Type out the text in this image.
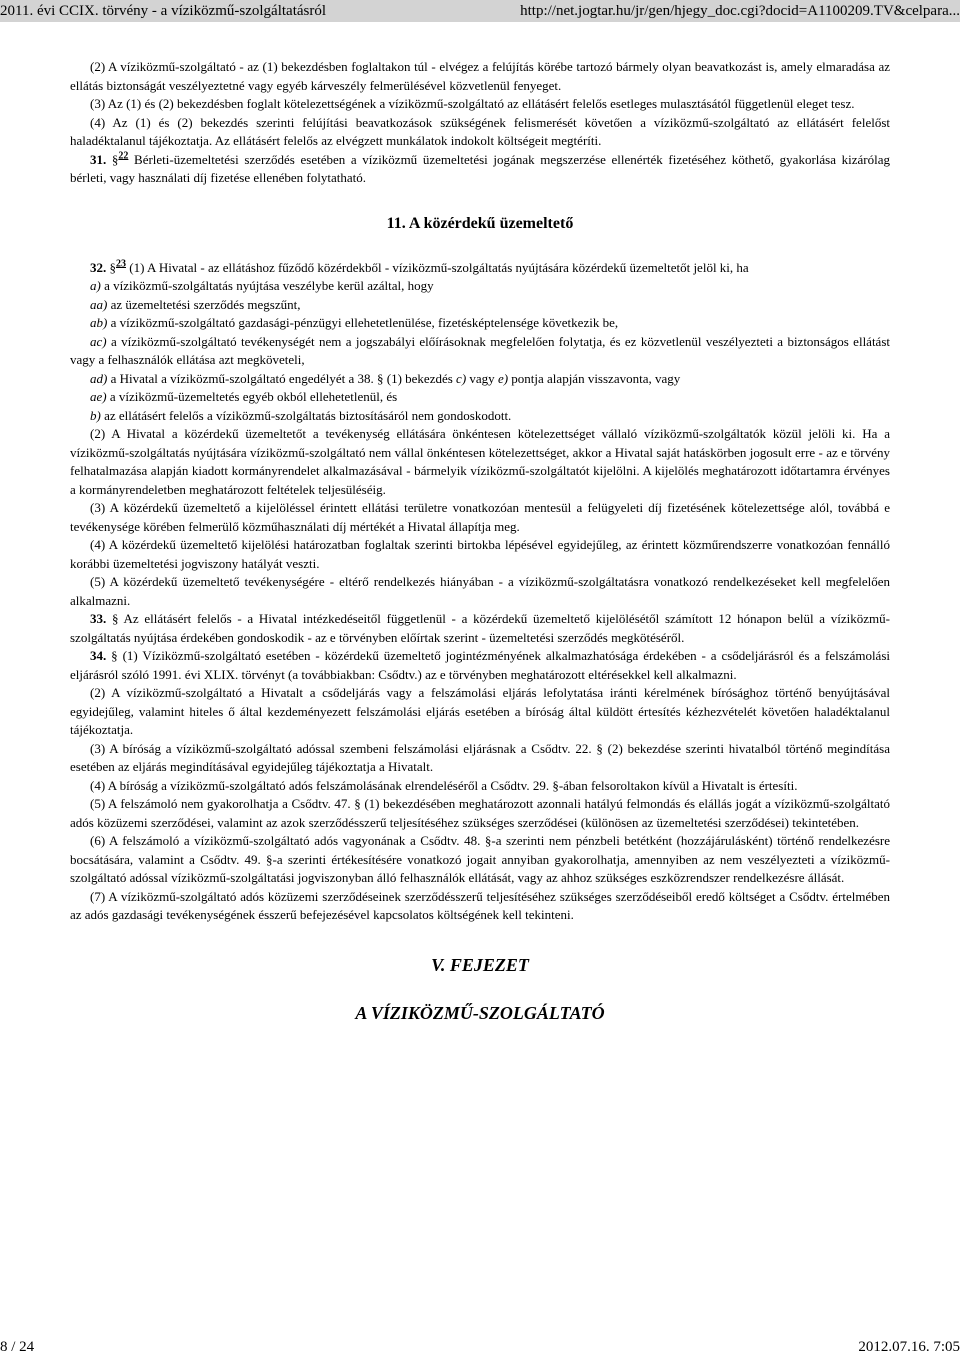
2011. évi CCIX. törvény - a víziközmű-szolgáltatásról	http://net.jogtar.hu/jr/gen/hjegy_doc.cgi?docid=A1100209.TV&celpara...

(2) A víziközmű-szolgáltató - az (1) bekezdésben foglaltakon túl - elvégez a felújítás körébe tartozó bármely olyan beavatkozást is, amely elmaradása az ellátás biztonságát veszélyeztetné vagy egyéb kárveszély felmerülésével közvetlenül fenyeget.

(3) Az (1) és (2) bekezdésben foglalt kötelezettségének a víziközmű-szolgáltató az ellátásért felelős esetleges mulasztásától függetlenül eleget tesz.

(4) Az (1) és (2) bekezdés szerinti felújítási beavatkozások szükségének felismerését követően a víziközmű-szolgáltató az ellátásért felelőst haladéktalanul tájékoztatja. Az ellátásért felelős az elvégzett munkálatok indokolt költségeit megtéríti.

31. §$^{22}$ Bérleti-üzemeltetési szerződés esetében a víziközmű üzemeltetési jogának megszerzése ellenérték fizetéséhez köthető, gyakorlása kizárólag bérleti, vagy használati díj fizetése ellenében folytatható.

11. A közérdekű üzemeltető

32. §$^{23}$ (1) A Hivatal - az ellátáshoz fűződő közérdekből - víziközmű-szolgáltatás nyújtására közérdekű üzemeltetőt jelöl ki, ha

a) a víziközmű-szolgáltatás nyújtása veszélybe kerül azáltal, hogy

aa) az üzemeltetési szerződés megszűnt,

ab) a víziközmű-szolgáltató gazdasági-pénzügyi ellehetetlenülése, fizetésképtelensége következik be,

ac) a víziközmű-szolgáltató tevékenységét nem a jogszabályi előírásoknak megfelelően folytatja, és ez közvetlenül veszélyezteti a biztonságos ellátást vagy a felhasználók ellátása azt megköveteli,

ad) a Hivatal a víziközmű-szolgáltató engedélyét a 38. § (1) bekezdés c) vagy e) pontja alapján visszavonta, vagy

ae) a víziközmű-üzemeltetés egyéb okból ellehetetlenül, és

b) az ellátásért felelős a víziközmű-szolgáltatás biztosításáról nem gondoskodott.

(2) A Hivatal a közérdekű üzemeltetőt a tevékenység ellátására önkéntesen kötelezettséget vállaló víziközmű-szolgáltatók közül jelöli ki. Ha a víziközmű-szolgáltatás nyújtására víziközmű-szolgáltató nem vállal önkéntesen kötelezettséget, akkor a Hivatal saját hatáskörben jogosult erre - az e törvény felhatalmazása alapján kiadott kormányrendelet alkalmazásával - bármelyik víziközmű-szolgáltatót kijelölni. A kijelölés meghatározott időtartamra érvényes a kormányrendeletben meghatározott feltételek teljesüléséig.

(3) A közérdekű üzemeltető a kijelöléssel érintett ellátási területre vonatkozóan mentesül a felügyeleti díj fizetésének kötelezettsége alól, továbbá e tevékenysége körében felmerülő közműhasználati díj mértékét a Hivatal állapítja meg.

(4) A közérdekű üzemeltető kijelölési határozatban foglaltak szerinti birtokba lépésével egyidejűleg, az érintett közműrendszerre vonatkozóan fennálló korábbi üzemeltetési jogviszony hatályát veszti.

(5) A közérdekű üzemeltető tevékenységére - eltérő rendelkezés hiányában - a víziközmű-szolgáltatásra vonatkozó rendelkezéseket kell megfelelően alkalmazni.

33. § Az ellátásért felelős - a Hivatal intézkedéseitől függetlenül - a közérdekű üzemeltető kijelölésétől számított 12 hónapon belül a víziközmű-szolgáltatás nyújtása érdekében gondoskodik - az e törvényben előírtak szerint - üzemeltetési szerződés megkötéséről.

34. § (1) Víziközmű-szolgáltató esetében - közérdekű üzemeltető jogintézményének alkalmazhatósága érdekében - a csődeljárásról és a felszámolási eljárásról szóló 1991. évi XLIX. törvényt (a továbbiakban: Csődtv.) az e törvényben meghatározott eltérésekkel kell alkalmazni.

(2) A víziközmű-szolgáltató a Hivatalt a csődeljárás vagy a felszámolási eljárás lefolytatása iránti kérelmének bírósághoz történő benyújtásával egyidejűleg, valamint hiteles ő által kezdeményezett felszámolási eljárás esetében a bíróság által küldött értesítés kézhezvételét követően haladéktalanul tájékoztatja.

(3) A bíróság a víziközmű-szolgáltató adóssal szembeni felszámolási eljárásnak a Csődtv. 22. § (2) bekezdése szerinti hivatalból történő megindítása esetében az eljárás megindításával egyidejűleg tájékoztatja a Hivatalt.

(4) A bíróság a víziközmű-szolgáltató adós felszámolásának elrendeléséről a Csődtv. 29. §-ában felsoroltakon kívül a Hivatalt is értesíti.

(5) A felszámoló nem gyakorolhatja a Csődtv. 47. § (1) bekezdésében meghatározott azonnali hatályú felmondás és elállás jogát a víziközmű-szolgáltató adós közüzemi szerződései, valamint az azok szerződésszerű teljesítéséhez szükséges szerződései (különösen az üzemeltetési szerződései) tekintetében.

(6) A felszámoló a víziközmű-szolgáltató adós vagyonának a Csődtv. 48. §-a szerinti nem pénzbeli betétként (hozzájárulásként) történő rendelkezésre bocsátására, valamint a Csődtv. 49. §-a szerinti értékesítésére vonatkozó jogait annyiban gyakorolhatja, amennyiben az nem veszélyezteti a víziközmű-szolgáltató adóssal víziközmű-szolgáltatási jogviszonyban álló felhasználók ellátását, vagy az ahhoz szükséges eszközrendszer rendelkezésre állását.

(7) A víziközmű-szolgáltató adós közüzemi szerződéseinek szerződésszerű teljesítéséhez szükséges szerződéseiből eredő költséget a Csődtv. értelmében az adós gazdasági tevékenységének ésszerű befejezésével kapcsolatos költségének kell tekinteni.

V. FEJEZET

A VÍZIKÖZMŰ-SZOLGÁLTATÓ

8 / 24	2012.07.16. 7:05
